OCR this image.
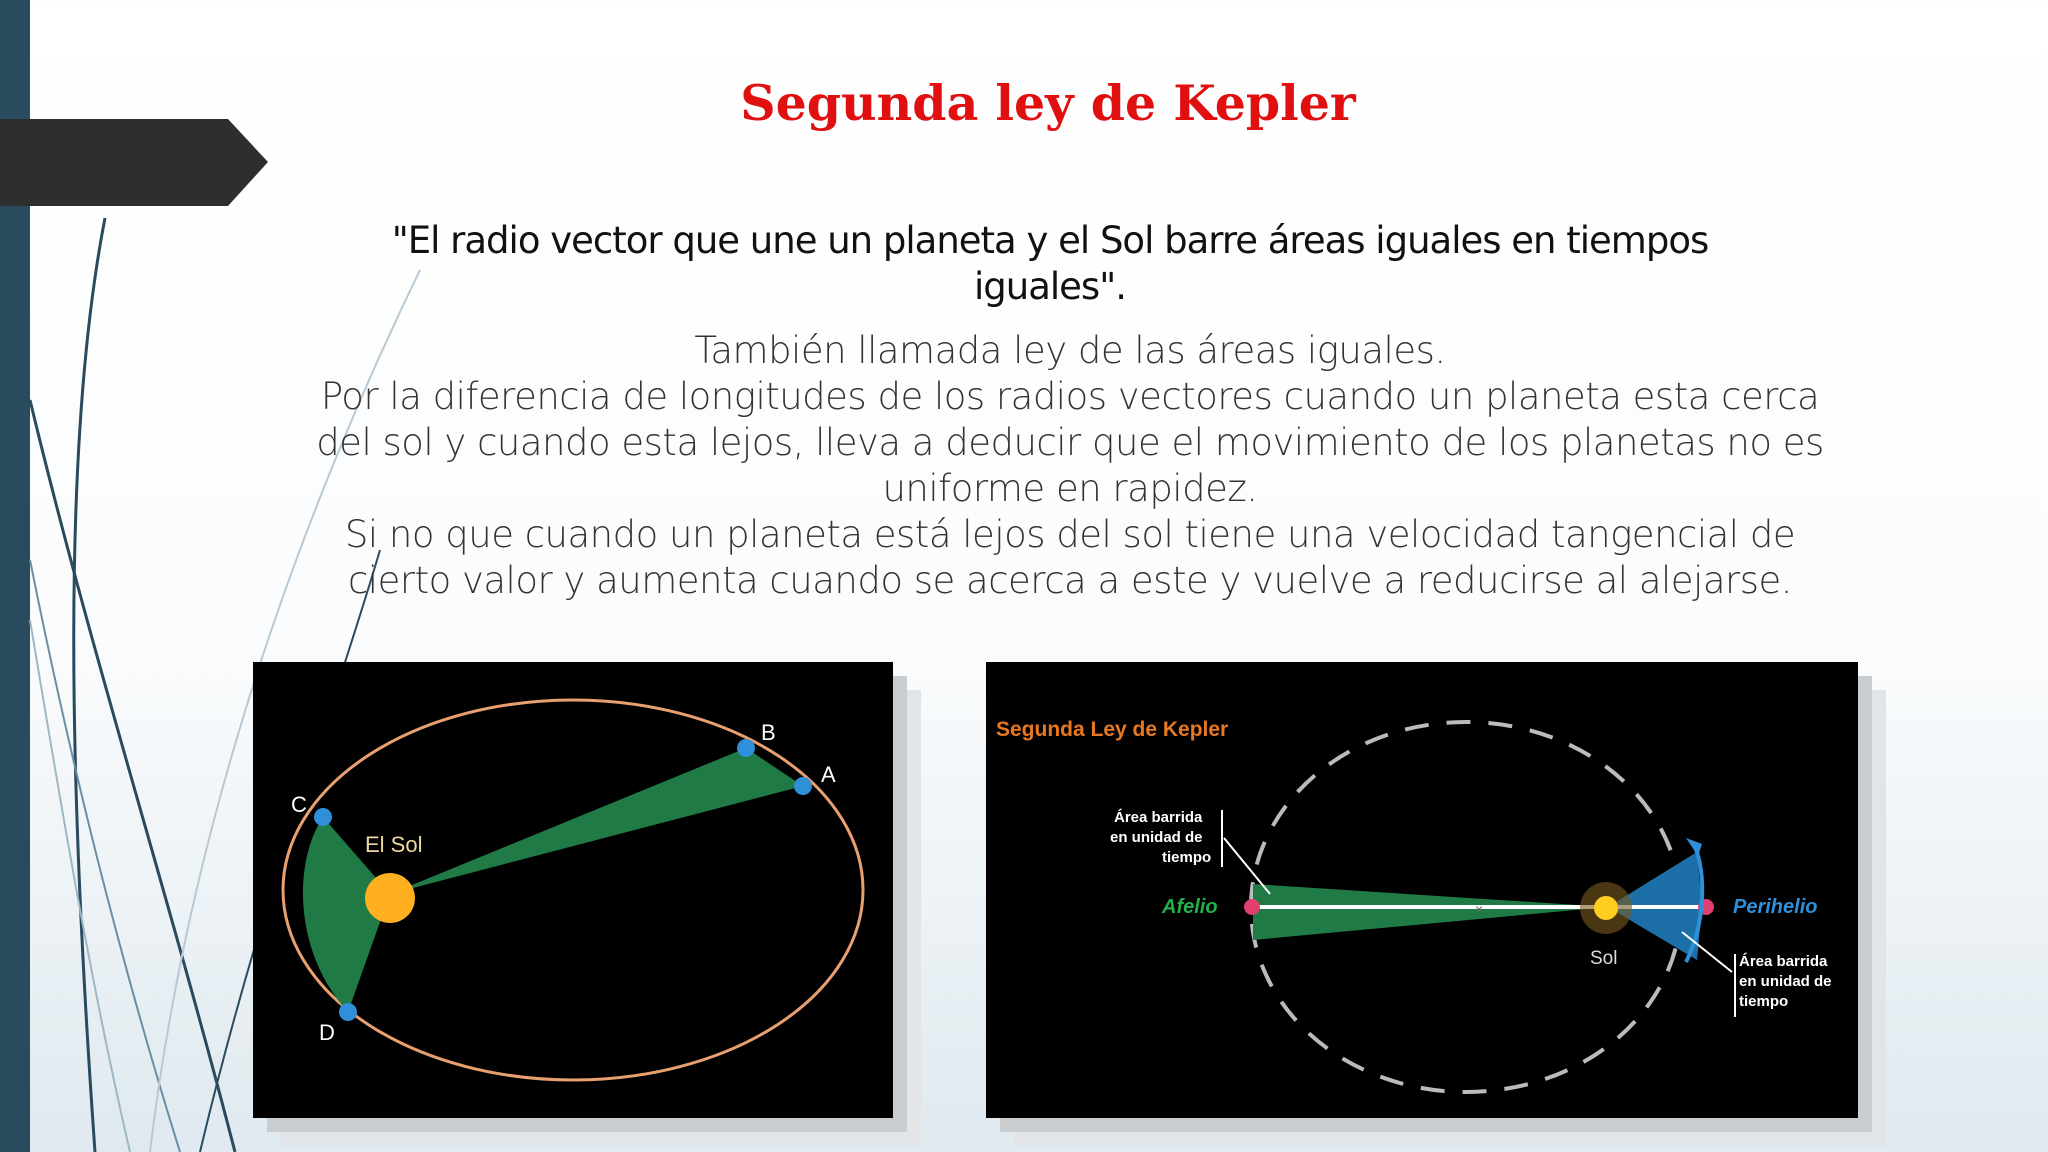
Segunda ley de Kepler
"El radio vector que une un planeta y el Sol barre áreas iguales en tiempos iguales".
También llamada ley de las áreas iguales.
Por la diferencia de longitudes de los radios vectores cuando un planeta esta cerca del sol y cuando esta lejos, lleva a deducir que el movimiento de los planetas no es uniforme en rapidez.
Si no que cuando un planeta está lejos del sol tiene una velocidad tangencial de cierto valor y aumenta cuando se acerca a este y vuelve a reducirse al alejarse.
A
B
C
D
El Sol
Segunda Ley de Kepler
×
Afelio	Perihelio
Sol
Área barrida
en unidad de
tiempo
Área barrida
en unidad de
tiempo
